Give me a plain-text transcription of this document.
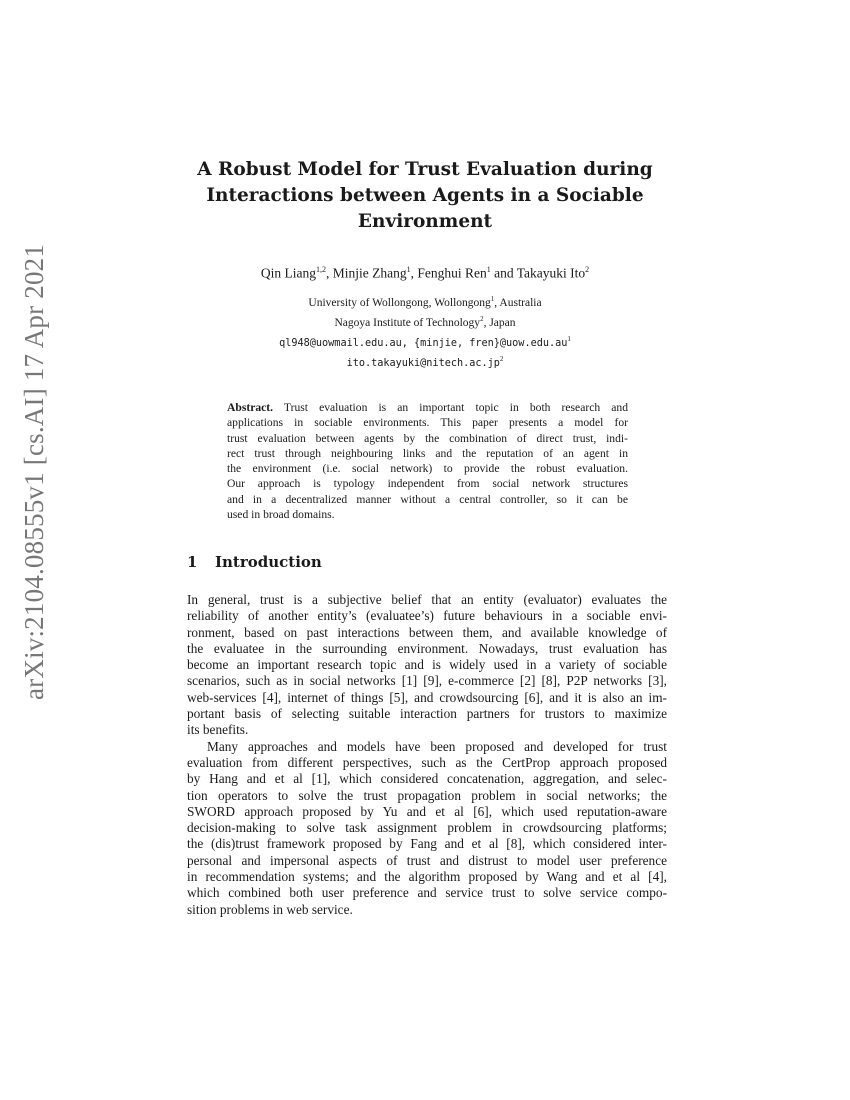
arXiv:2104.08555v1 [cs.AI] 17 Apr 2021
A Robust Model for Trust Evaluation during
Interactions between Agents in a Sociable
Environment
Qin Liang$^{1,2}$, Minjie Zhang$^1$, Fenghui Ren$^1$ and Takayuki Ito$^2$
University of Wollongong, Wollongong$^1$, Australia
Nagoya Institute of Technology$^2$, Japan
ql948@uowmail.edu.au, {minjie, $fren\}@uow.edu.au^1$
$ito.takayuki@nitech.ac.jp^2$
Abstract. Trust evaluation is an important topic in both research and
applications in sociable environments. This paper presents a model for
trust evaluation between agents by the combination of direct trust, indi-
rect trust through neighbouring links and the reputation of an agent in
the environment (i.e. social network) to provide the robust evaluation.
Our approach is typology independent from social network structures
and in a decentralized manner without a central controller, so it can be
used in broad domains.
1 Introduction
In general, trust is a subjective belief that an entity (evaluator) evaluates the
reliability of another entity’s (evaluatee’s) future behaviours in a sociable envi-
ronment, based on past interactions between them, and available knowledge of
the evaluatee in the surrounding environment. Nowadays, trust evaluation has
become an important research topic and is widely used in a variety of sociable
scenarios, such as in social networks [1] [9], e-commerce [2] [8], P2P networks [3],
web-services [4], internet of things [5], and crowdsourcing [6], and it is also an im-
portant basis of selecting suitable interaction partners for trustors to maximize
its benefits.
Many approaches and models have been proposed and developed for trust
evaluation from different perspectives, such as the CertProp approach proposed
by Hang and et al [1], which considered concatenation, aggregation, and selec-
tion operators to solve the trust propagation problem in social networks; the
SWORD approach proposed by Yu and et al [6], which used reputation-aware
decision-making to solve task assignment problem in crowdsourcing platforms;
the (dis)trust framework proposed by Fang and et al [8], which considered inter-
personal and impersonal aspects of trust and distrust to model user preference
in recommendation systems; and the algorithm proposed by Wang and et al [4],
which combined both user preference and service trust to solve service compo-
sition problems in web service.
